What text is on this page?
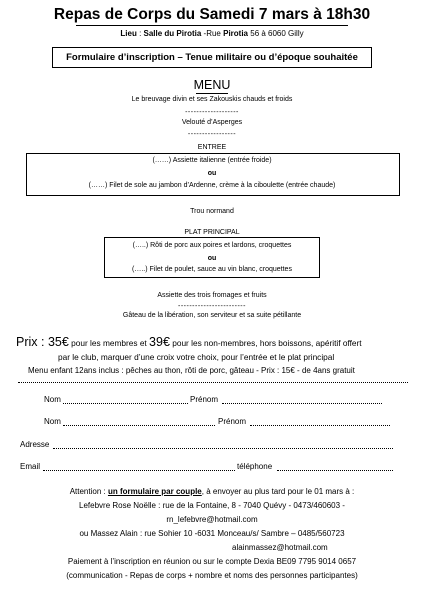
Repas de Corps du Samedi 7 mars à 18h30
Lieu : Salle du Pirotia -Rue Pirotia 56 à 6060 Gilly
Formulaire d’inscription – Tenue militaire ou d’époque souhaitée
MENU
Le breuvage divin et ses Zakouskis chauds et froids
-------------------
Velouté d’Asperges
-----------------
ENTREE
(……) Assiette italienne (entrée froide)
ou
(……) Filet de sole au jambon d’Ardenne, crème à la ciboulette (entrée chaude)
Trou normand
PLAT PRINCIPAL
(…..) Rôti de porc aux poires et lardons, croquettes
ou
(…..) Filet de poulet, sauce au vin blanc, croquettes
Assiette des trois fromages et fruits
------------------------
Gâteau de la libération, son serviteur et sa suite pétillante
Prix : 35€ pour les membres et 39€ pour les non-membres, hors boissons, apéritif offert
par le club, marquer d’une croix votre choix, pour l’entrée et le plat principal
Menu enfant 12ans inclus : pêches au thon, rôti de porc, gâteau - Prix : 15€ - de 4ans gratuit
Nom	Prénom
Nom	Prénom
Adresse
Email	téléphone
Attention : un formulaire par couple, à envoyer au plus tard pour le 01 mars à :
Lefebvre Rose Noëlle : rue de la Fontaine, 8 - 7040 Quévy - 0473/460603 -
rn_lefebvre@hotmail.com
ou Massez Alain : rue Sohier 10 -6031 Monceau/s/ Sambre – 0485/560723
alainmassez@hotmail.com
Paiement à l’inscription en réunion ou sur le compte Dexia BE09 7795 9014 0657
(communication - Repas de corps + nombre et noms des personnes participantes)
